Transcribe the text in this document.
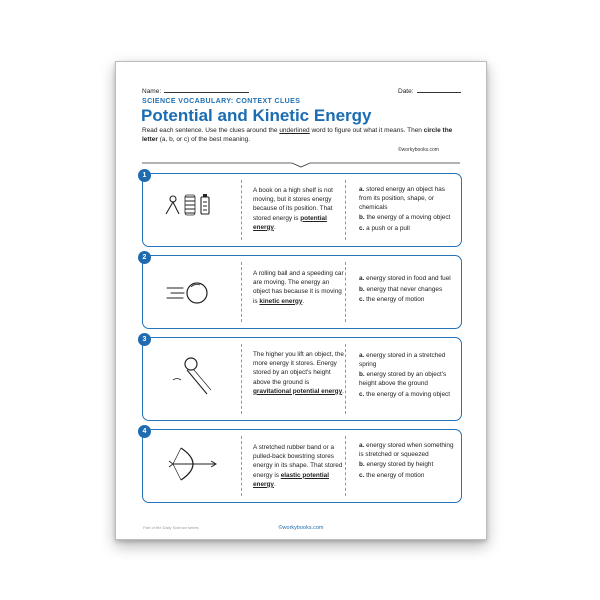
Name:	Date:
SCIENCE VOCABULARY: CONTEXT CLUES
Potential and Kinetic Energy
Read each sentence. Use the clues around the underlined word to figure out what it means. Then circle the letter (a, b, or c) of the best meaning.
©workybooks.com
1
A book on a high shelf is not moving, but it stores energy because of its position. That stored energy is potential energy.
a. stored energy an object has from its position, shape, or chemicals
b. the energy of a moving object
c. a push or a pull
2
A rolling ball and a speeding car are moving. The energy an object has because it is moving is kinetic energy.
a. energy stored in food and fuel
b. energy that never changes
c. the energy of motion
3
The higher you lift an object, the more energy it stores. Energy stored by an object's height above the ground is gravitational potential energy.
a. energy stored in a stretched spring
b. energy stored by an object's height above the ground
c. the energy of a moving object
4
A stretched rubber band or a pulled-back bowstring stores energy in its shape. That stored energy is elastic potential energy.
a. energy stored when something is stretched or squeezed
b. energy stored by height
c. the energy of motion
Part of the Daily Science series	©workybooks.com
